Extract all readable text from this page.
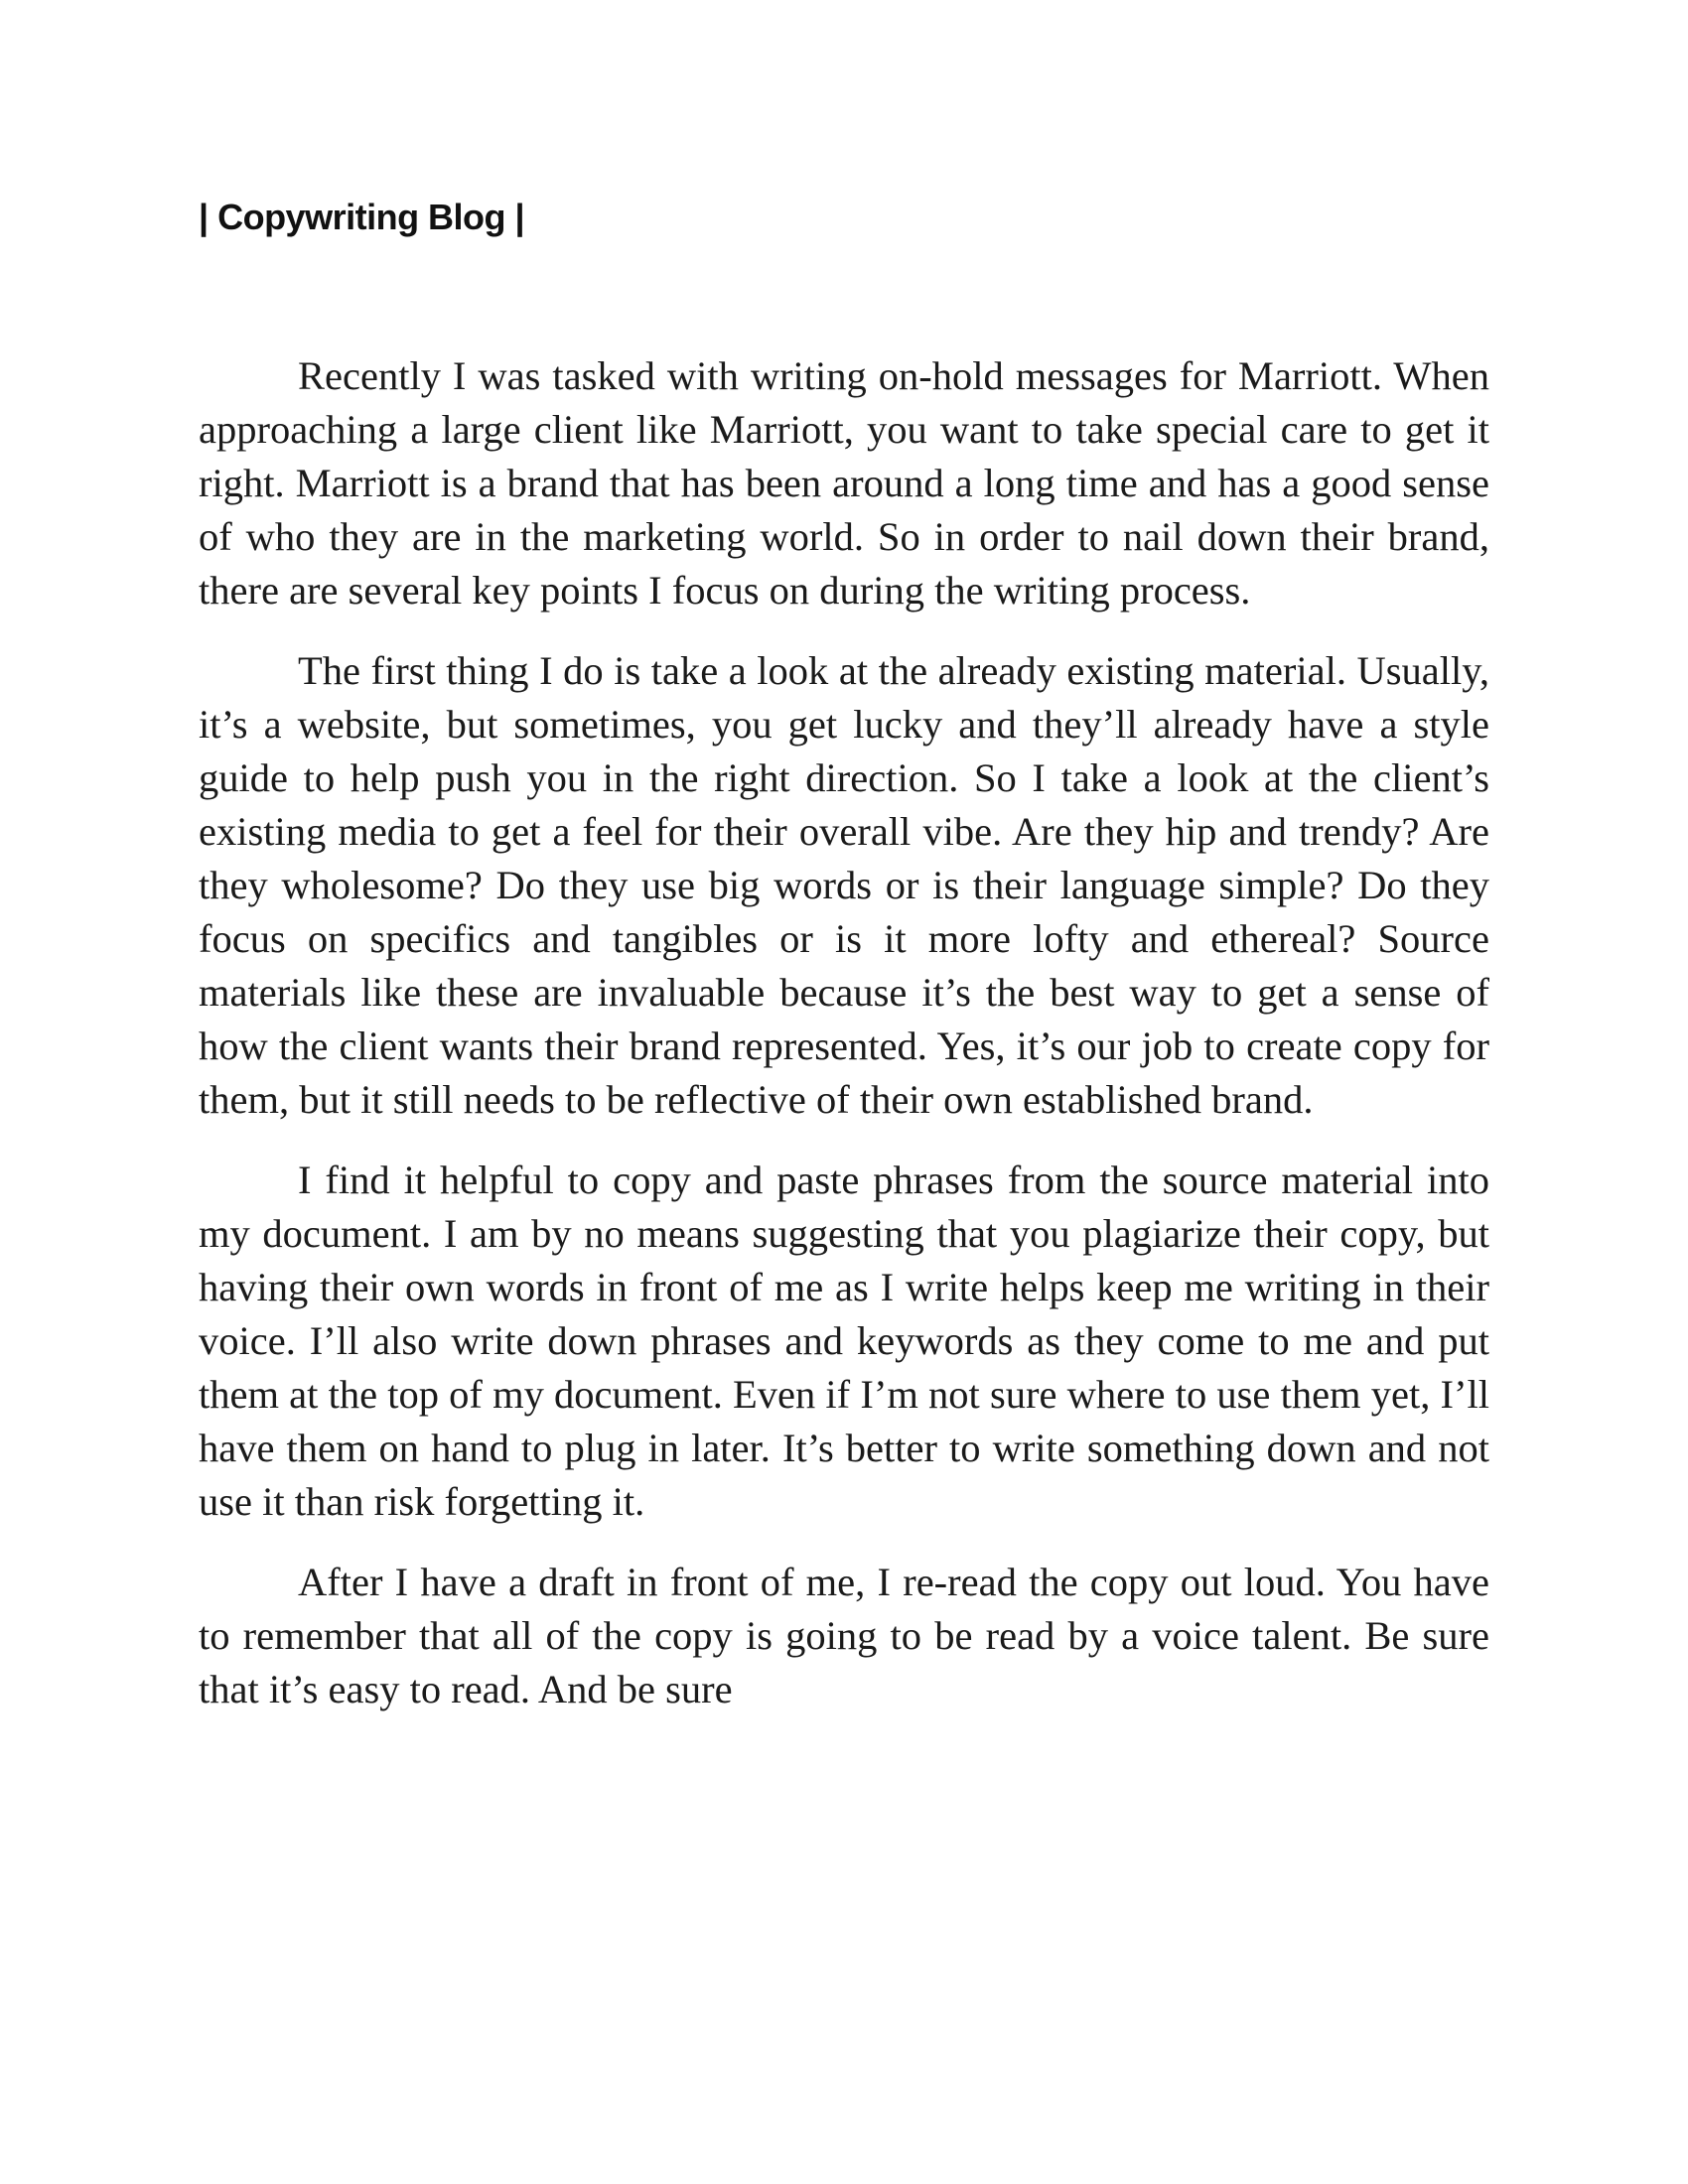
| Copywriting Blog |

Recently I was tasked with writing on-hold messages for Marriott. When approaching a large client like Marriott, you want to take special care to get it right. Marriott is a brand that has been around a long time and has a good sense of who they are in the marketing world. So in order to nail down their brand, there are several key points I focus on during the writing process.

The first thing I do is take a look at the already existing material. Usually, it’s a website, but sometimes, you get lucky and they’ll already have a style guide to help push you in the right direction. So I take a look at the client’s existing media to get a feel for their overall vibe. Are they hip and trendy? Are they wholesome? Do they use big words or is their language simple? Do they focus on specifics and tangibles or is it more lofty and ethereal? Source materials like these are invaluable because it’s the best way to get a sense of how the client wants their brand represented. Yes, it’s our job to create copy for them, but it still needs to be reflective of their own established brand.

I find it helpful to copy and paste phrases from the source material into my document. I am by no means suggesting that you plagiarize their copy, but having their own words in front of me as I write helps keep me writing in their voice. I’ll also write down phrases and keywords as they come to me and put them at the top of my document. Even if I’m not sure where to use them yet, I’ll have them on hand to plug in later. It’s better to write something down and not use it than risk forgetting it.

After I have a draft in front of me, I re-read the copy out loud. You have to remember that all of the copy is going to be read by a voice talent. Be sure that it’s easy to read. And be sure
